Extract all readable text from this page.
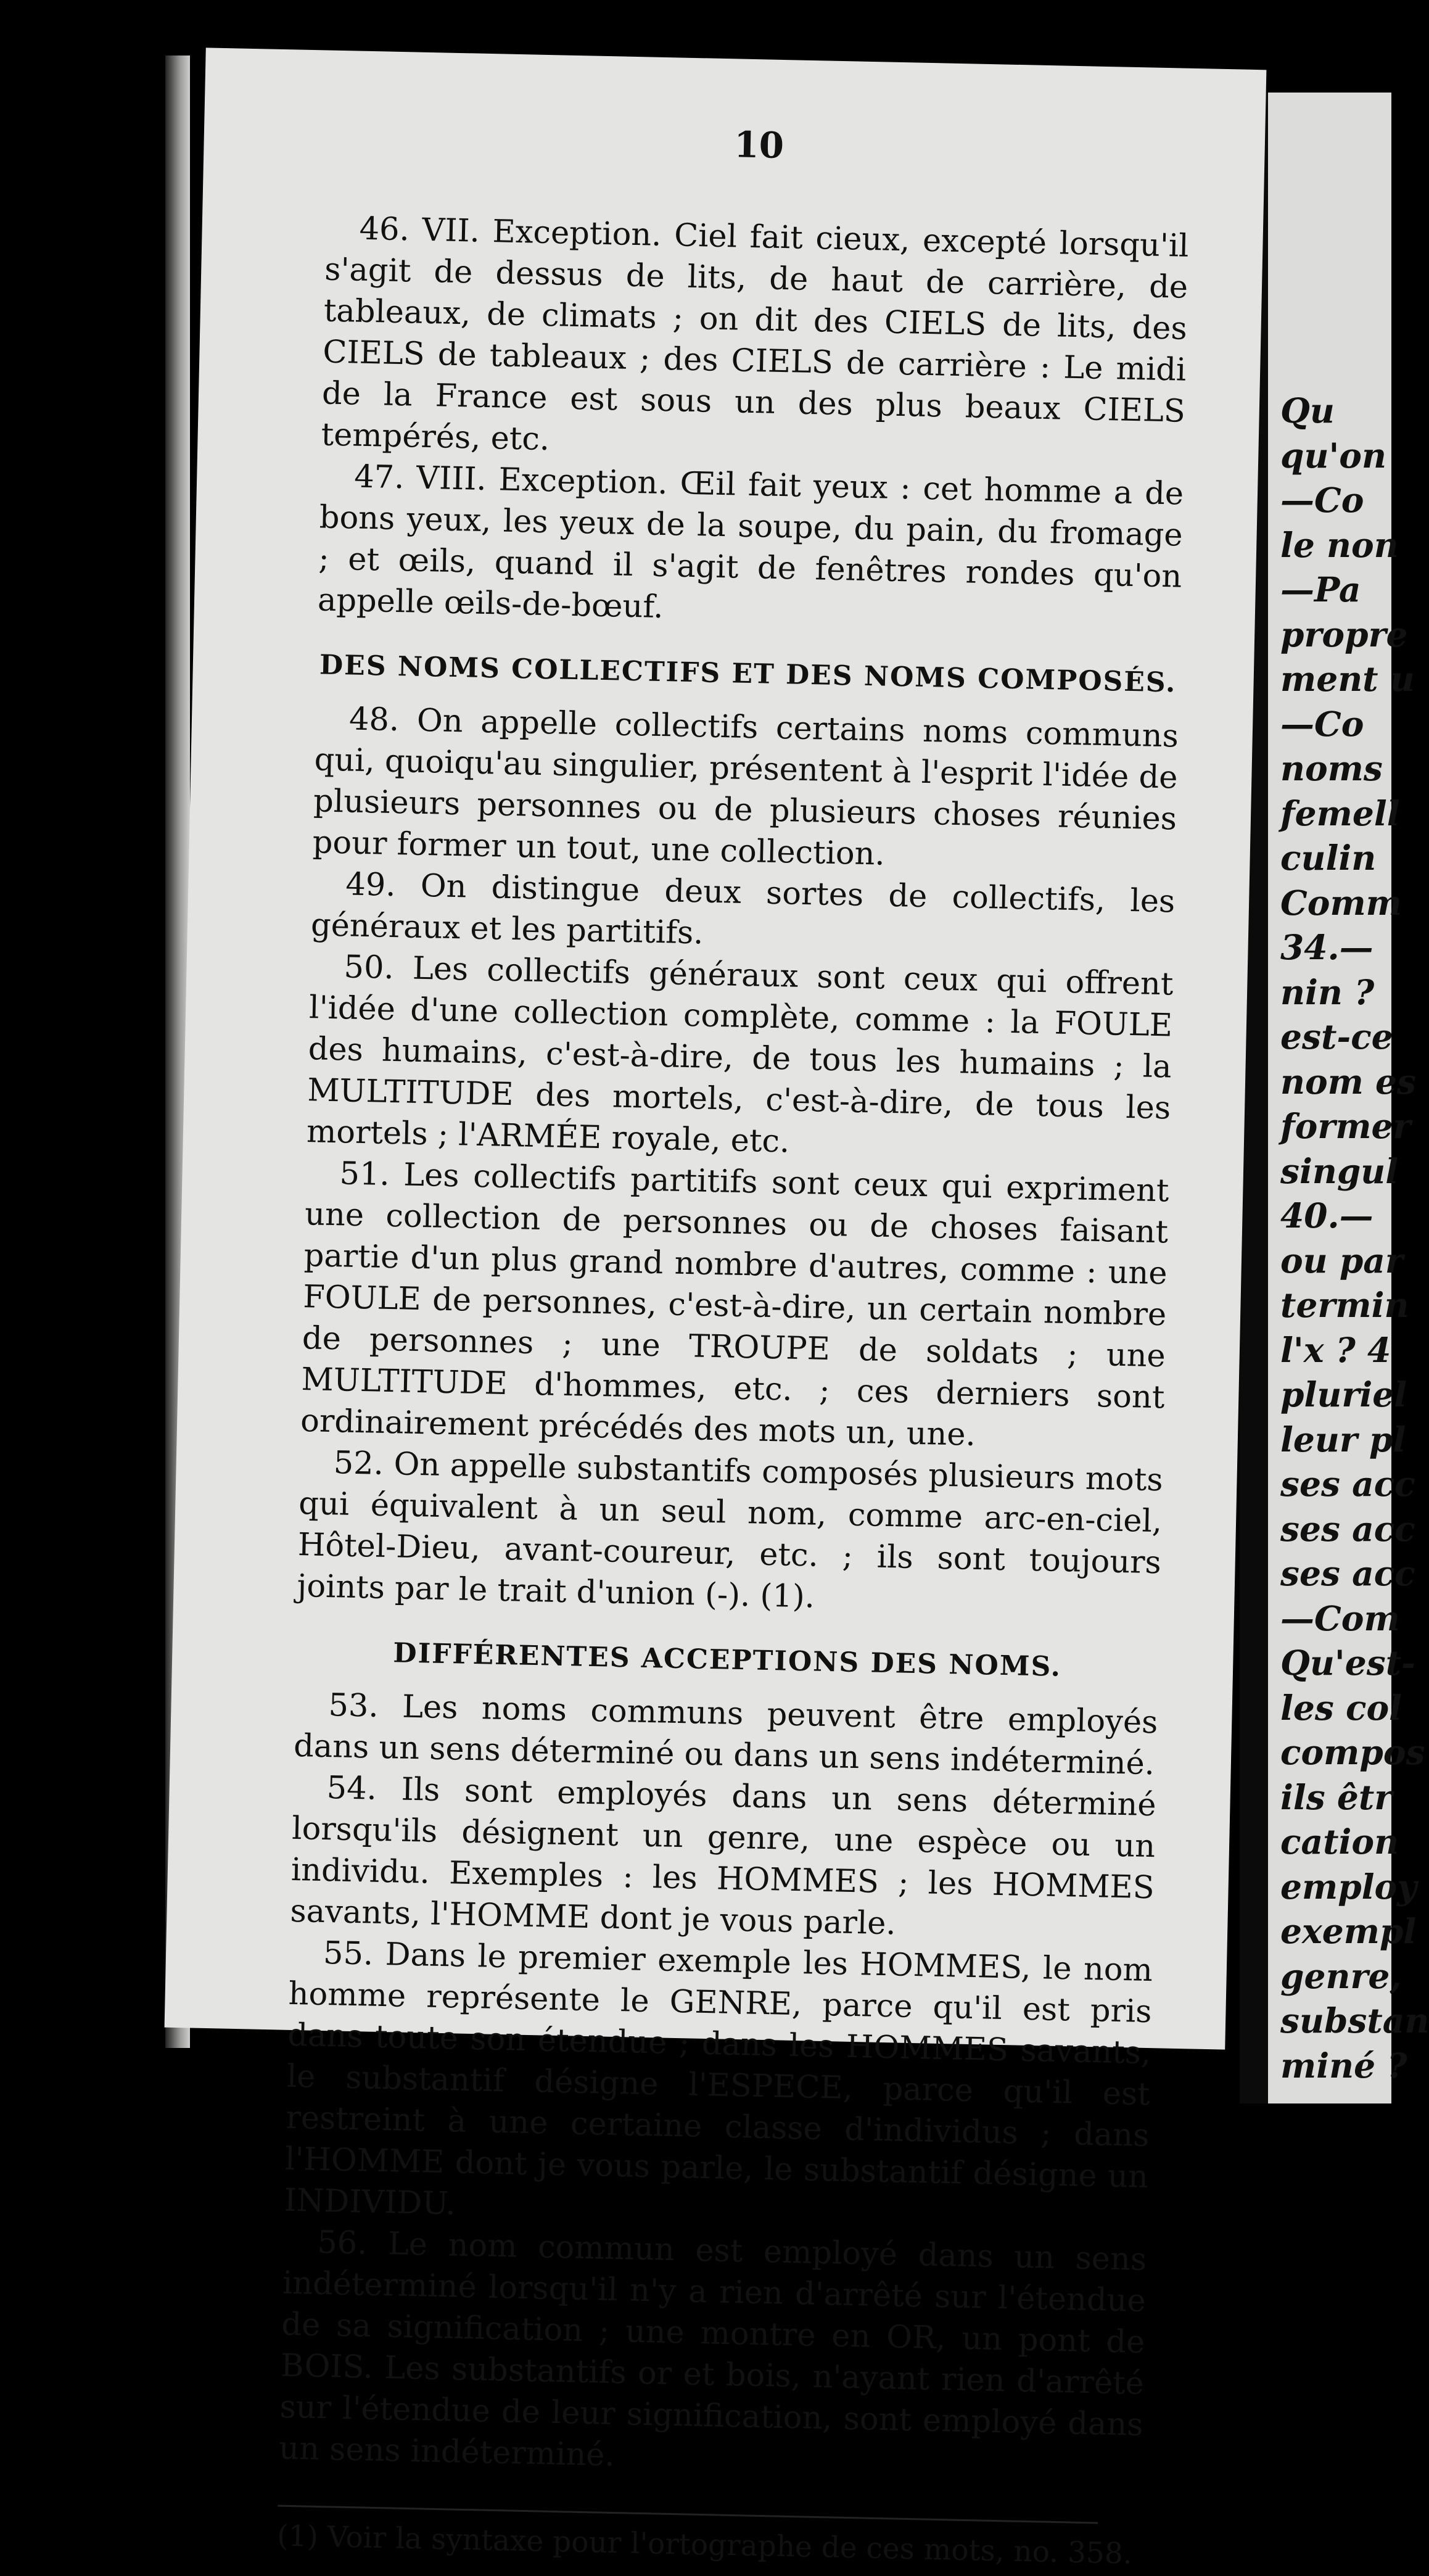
Qu
qu'on
—Co
le non
—Pa
propre
ment u
—Co
noms
femell
culin
Comm
34.—
nin ?
est-ce
nom es
former
singul
40.—
ou par
termin
l'x ? 4
pluriel
leur pl
ses acc
ses acc
ses acc
—Com
Qu'est-
les col
compos
ils êtr
cation
employ
exempl
genre,
substan
miné ?
10

46. VII. Exception. Ciel fait cieux, excepté lorsqu'il s'agit de dessus de lits, de haut de carrière, de tableaux, de climats ; on dit des CIELS de lits, des CIELS de tableaux ; des CIELS de carrière : Le midi de la France est sous un des plus beaux CIELS tempérés, etc.

47. VIII. Exception. Œil fait yeux : cet homme a de bons yeux, les yeux de la soupe, du pain, du fromage ; et œils, quand il s'agit de fenêtres rondes qu'on appelle œils-de-bœuf.

DES NOMS COLLECTIFS ET DES NOMS COMPOSÉS.

48. On appelle collectifs certains noms communs qui, quoiqu'au singulier, présentent à l'esprit l'idée de plusieurs personnes ou de plusieurs choses réunies pour former un tout, une collection.

49. On distingue deux sortes de collectifs, les généraux et les partitifs.

50. Les collectifs généraux sont ceux qui offrent l'idée d'une collection complète, comme : la FOULE des humains, c'est-à-dire, de tous les humains ; la MULTITUDE des mortels, c'est-à-dire, de tous les mortels ; l'ARMÉE royale, etc.

51. Les collectifs partitifs sont ceux qui expriment une collection de personnes ou de choses faisant partie d'un plus grand nombre d'autres, comme : une FOULE de personnes, c'est-à-dire, un certain nombre de personnes ; une TROUPE de soldats ; une MULTITUDE d'hommes, etc. ; ces derniers sont ordinairement précédés des mots un, une.

52. On appelle substantifs composés plusieurs mots qui équivalent à un seul nom, comme arc-en-ciel, Hôtel-Dieu, avant-coureur, etc. ; ils sont toujours joints par le trait d'union (-). (1).

DIFFÉRENTES ACCEPTIONS DES NOMS.

53. Les noms communs peuvent être employés dans un sens déterminé ou dans un sens indéterminé.

54. Ils sont employés dans un sens déterminé lorsqu'ils désignent un genre, une espèce ou un individu. Exemples : les HOMMES ; les HOMMES savants, l'HOMME dont je vous parle.

55. Dans le premier exemple les HOMMES, le nom homme représente le GENRE, parce qu'il est pris dans toute son étendue ; dans les HOMMES savants, le substantif désigne l'ESPECE, parce qu'il est restreint à une certaine classe d'individus ; dans l'HOMME dont je vous parle, le substantif désigne un INDIVIDU.

56. Le nom commun est employé dans un sens indéterminé lorsqu'il n'y a rien d'arrêté sur l'étendue de sa signification ; une montre en OR, un pont de BOIS. Les substantifs or et bois, n'ayant rien d'arrêté sur l'étendue de leur signification, sont employé dans un sens indéterminé.

(1) Voir la syntaxe pour l'ortographe de ces mots, no. 358.
